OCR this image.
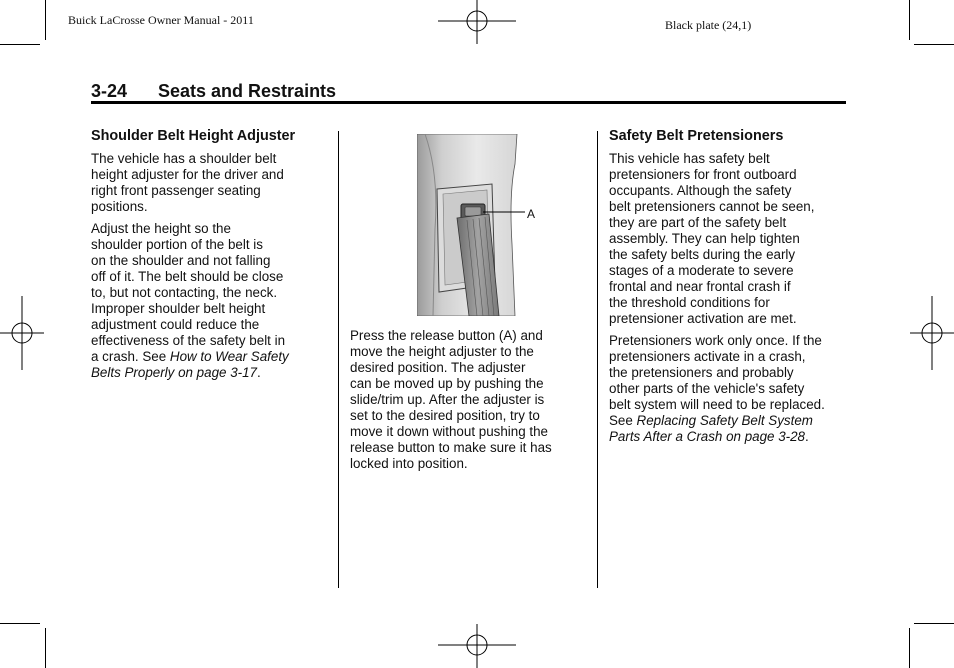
Buick LaCrosse Owner Manual - 2011	Black plate (24,1)
3-24 Seats and Restraints
Shoulder Belt Height Adjuster

The vehicle has a shoulder belt
height adjuster for the driver and
right front passenger seating
positions.

Adjust the height so the
shoulder portion of the belt is
on the shoulder and not falling
off of it. The belt should be close
to, but not contacting, the neck.
Improper shoulder belt height
adjustment could reduce the
effectiveness of the safety belt in
a crash. See How to Wear Safety
Belts Properly on page 3-17.

A

Press the release button (A) and
move the height adjuster to the
desired position. The adjuster
can be moved up by pushing the
slide/trim up. After the adjuster is
set to the desired position, try to
move it down without pushing the
release button to make sure it has
locked into position.

Safety Belt Pretensioners

This vehicle has safety belt
pretensioners for front outboard
occupants. Although the safety
belt pretensioners cannot be seen,
they are part of the safety belt
assembly. They can help tighten
the safety belts during the early
stages of a moderate to severe
frontal and near frontal crash if
the threshold conditions for
pretensioner activation are met.

Pretensioners work only once. If the
pretensioners activate in a crash,
the pretensioners and probably
other parts of the vehicle's safety
belt system will need to be replaced.
See Replacing Safety Belt System
Parts After a Crash on page 3-28.
